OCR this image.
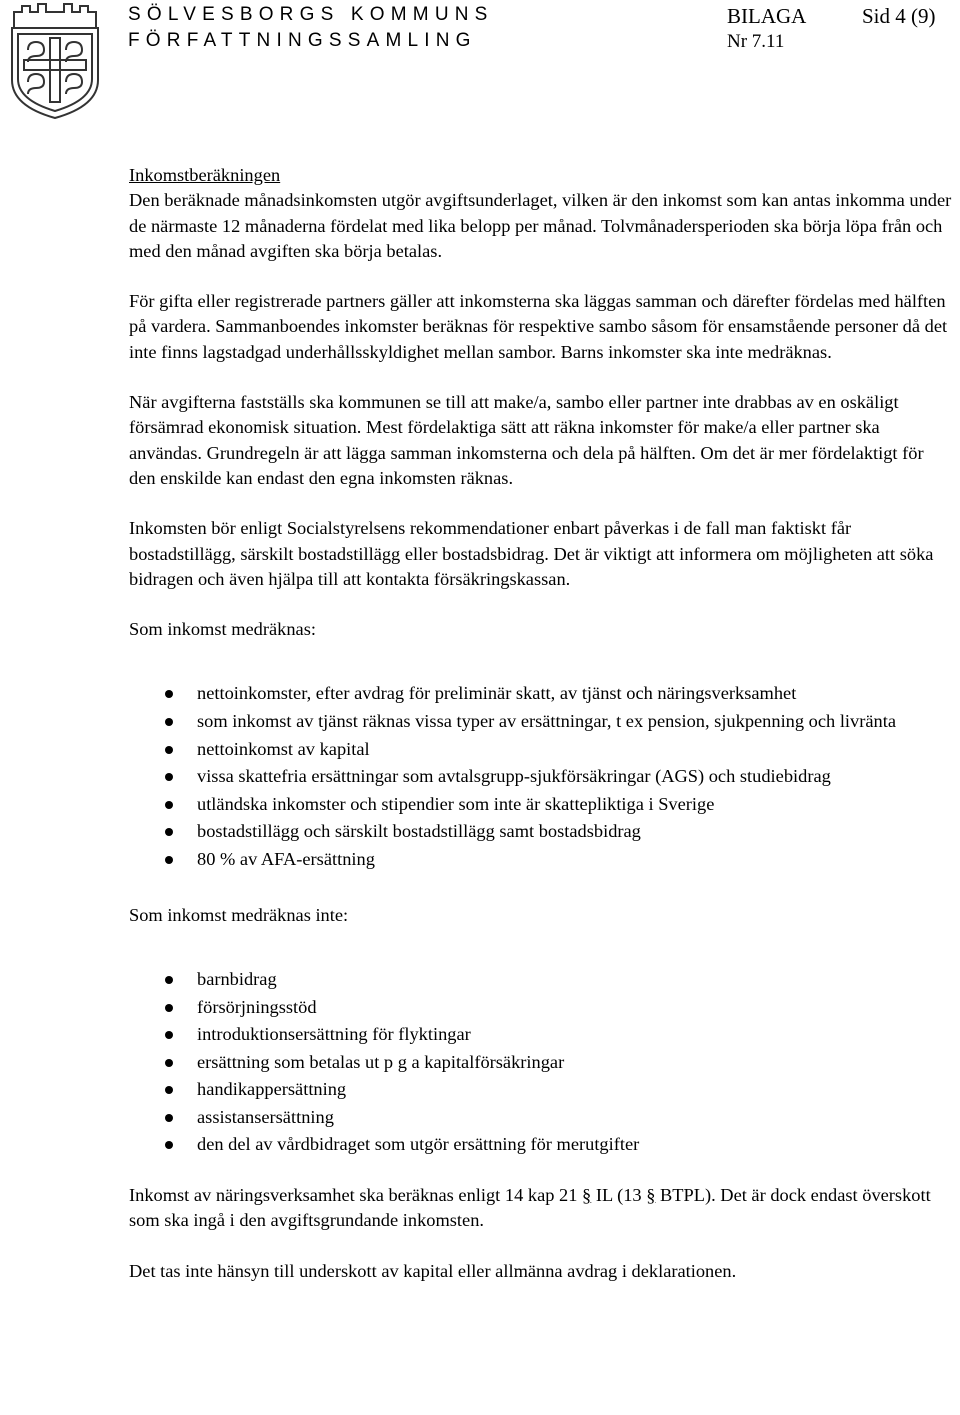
SÖLVESBORGS KOMMUNS

FÖRFATTNINGSSAMLING

BILAGA	Sid 4 (9)

Nr 7.11

Inkomstberäkningen

Den beräknade månadsinkomsten utgör avgiftsunderlaget, vilken är den inkomst som kan antas inkomma under de närmaste 12 månaderna fördelat med lika belopp per månad. Tolvmånadersperioden ska börja löpa från och med den månad avgiften ska börja betalas.

För gifta eller registrerade partners gäller att inkomsterna ska läggas samman och därefter fördelas med hälften på vardera. Sammanboendes inkomster beräknas för respektive sambo såsom för ensamstående personer då det inte finns lagstadgad underhållsskyldighet mellan sambor. Barns inkomster ska inte medräknas.

När avgifterna fastställs ska kommunen se till att make/a, sambo eller partner inte drabbas av en oskäligt försämrad ekonomisk situation. Mest fördelaktiga sätt att räkna inkomster för make/a eller partner ska användas. Grundregeln är att lägga samman inkomsterna och dela på hälften. Om det är mer fördelaktigt för den enskilde kan endast den egna inkomsten räknas.

Inkomsten bör enligt Socialstyrelsens rekommendationer enbart påverkas i de fall man faktiskt får bostadstillägg, särskilt bostadstillägg eller bostadsbidrag. Det är viktigt att informera om möjligheten att söka bidragen och även hjälpa till att kontakta försäkringskassan.

Som inkomst medräknas:

nettoinkomster, efter avdrag för preliminär skatt, av tjänst och näringsverksamhet
som inkomst av tjänst räknas vissa typer av ersättningar, t ex pension, sjukpenning och livränta
nettoinkomst av kapital
vissa skattefria ersättningar som avtalsgrupp-sjukförsäkringar (AGS) och studiebidrag
utländska inkomster och stipendier som inte är skattepliktiga i Sverige
bostadstillägg och särskilt bostadstillägg samt bostadsbidrag
80 % av AFA-ersättning

Som inkomst medräknas inte:

barnbidrag
försörjningsstöd
introduktionsersättning för flyktingar
ersättning som betalas ut p g a kapitalförsäkringar
handikappersättning
assistansersättning
den del av vårdbidraget som utgör ersättning för merutgifter

Inkomst av näringsverksamhet ska beräknas enligt 14 kap 21 § IL (13 § BTPL). Det är dock endast överskott som ska ingå i den avgiftsgrundande inkomsten.

Det tas inte hänsyn till underskott av kapital eller allmänna avdrag i deklarationen.
